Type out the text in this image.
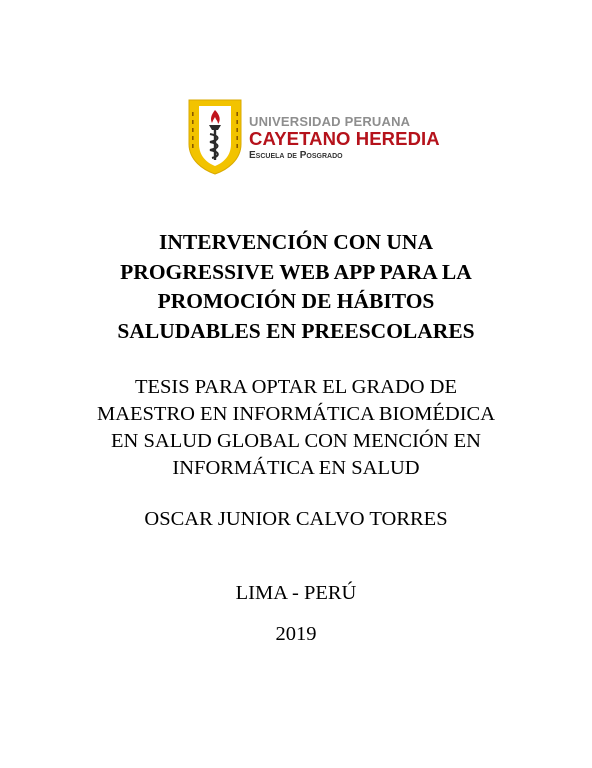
UNIVERSIDAD PERUANA
CAYETANO HEREDIA
Escuela de Posgrado
INTERVENCIÓN CON UNA
PROGRESSIVE WEB APP PARA LA
PROMOCIÓN DE HÁBITOS
SALUDABLES EN PREESCOLARES
TESIS PARA OPTAR EL GRADO DE
MAESTRO EN INFORMÁTICA BIOMÉDICA
EN SALUD GLOBAL CON MENCIÓN EN
INFORMÁTICA EN SALUD
OSCAR JUNIOR CALVO TORRES
LIMA - PERÚ
2019
